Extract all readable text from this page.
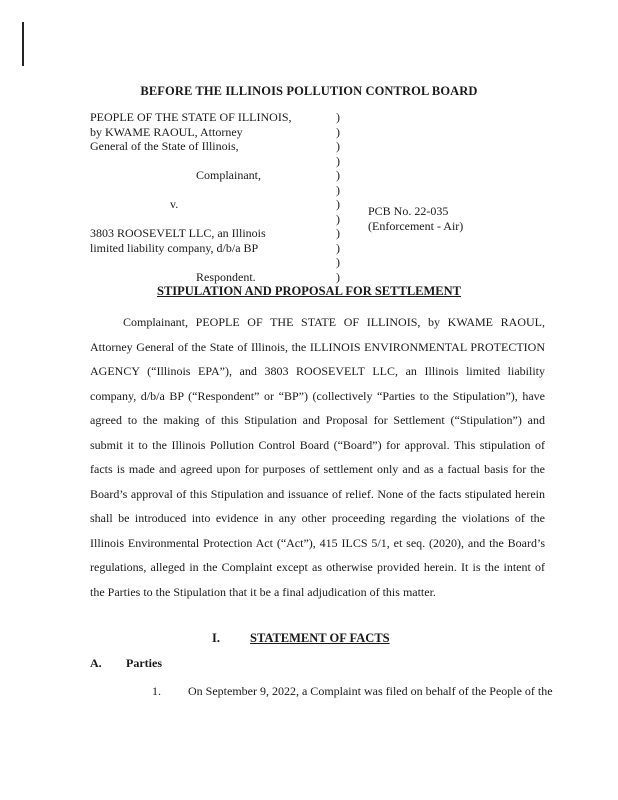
BEFORE THE ILLINOIS POLLUTION CONTROL BOARD
PEOPLE OF THE STATE OF ILLINOIS,
by KWAME RAOUL, Attorney
General of the State of Illinois,
Complainant,
v.
3803 ROOSEVELT LLC, an Illinois
limited liability company, d/b/a BP
Respondent.
)
)
)
)
)
)
)
)
)
)
)
)
PCB No. 22-035
(Enforcement - Air)
STIPULATION AND PROPOSAL FOR SETTLEMENT

Complainant, PEOPLE OF THE STATE OF ILLINOIS, by KWAME RAOUL, Attorney General of the State of Illinois, the ILLINOIS ENVIRONMENTAL PROTECTION AGENCY (“Illinois EPA”), and 3803 ROOSEVELT LLC, an Illinois limited liability company, d/b/a BP (“Respondent” or “BP”) (collectively “Parties to the Stipulation”), have agreed to the making of this Stipulation and Proposal for Settlement (“Stipulation”) and submit it to the Illinois Pollution Control Board (“Board”) for approval. This stipulation of facts is made and agreed upon for purposes of settlement only and as a factual basis for the Board’s approval of this Stipulation and issuance of relief. None of the facts stipulated herein shall be introduced into evidence in any other proceeding regarding the violations of the Illinois Environmental Protection Act (“Act”), 415 ILCS 5/1, et seq. (2020), and the Board’s regulations, alleged in the Complaint except as otherwise provided herein. It is the intent of the Parties to the Stipulation that it be a final adjudication of this matter.

I. STATEMENT OF FACTS
A. Parties
1. On September 9, 2022, a Complaint was filed on behalf of the People of the
